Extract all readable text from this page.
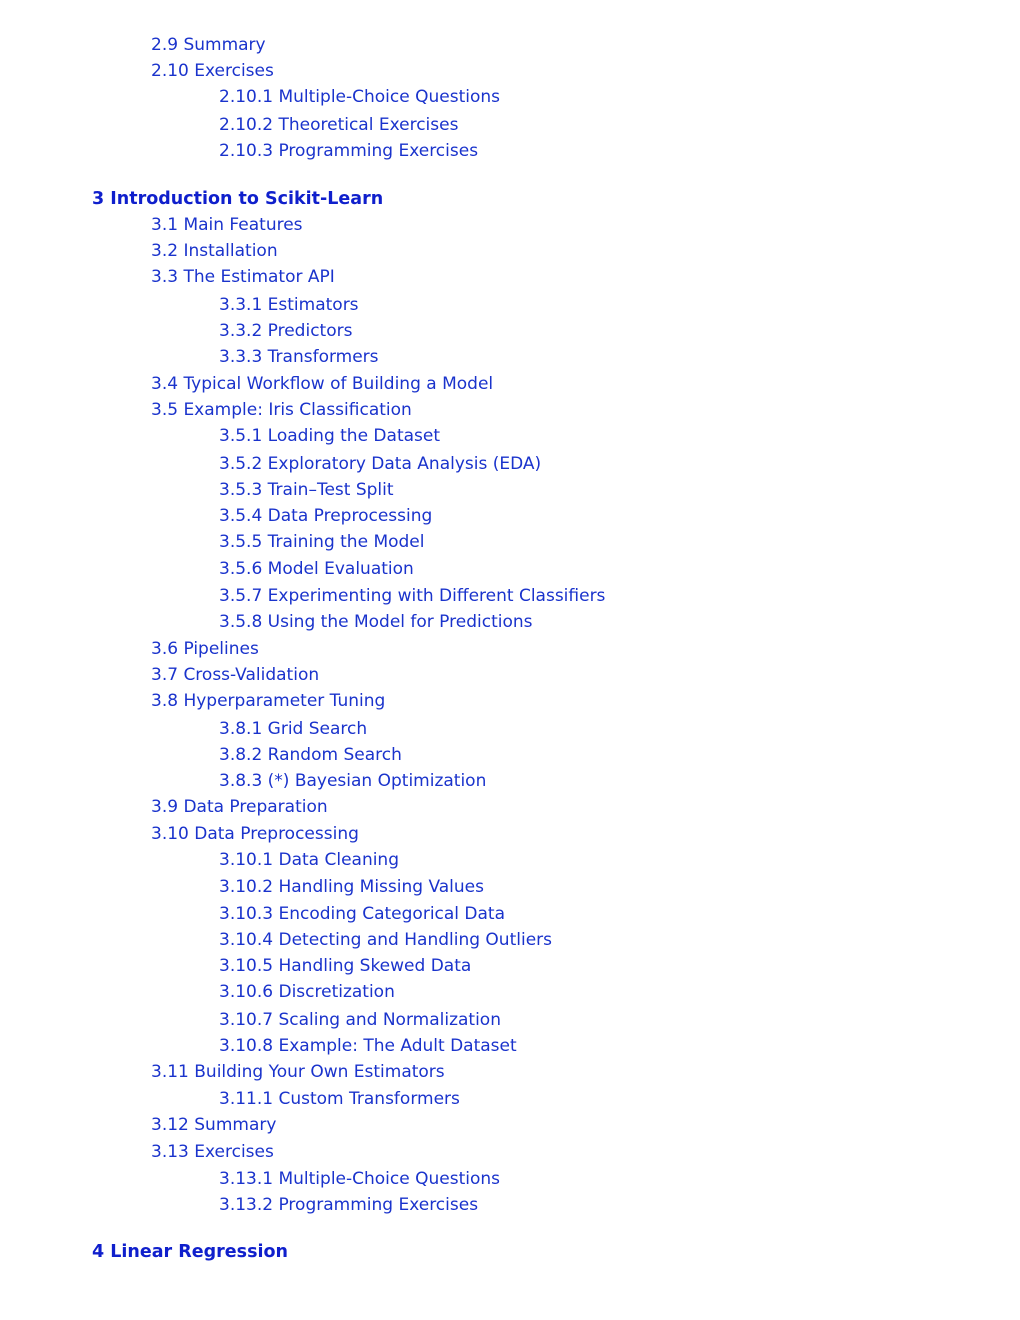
2.9 Summary
2.10 Exercises
2.10.1 Multiple-Choice Questions
2.10.2 Theoretical Exercises
2.10.3 Programming Exercises
3 Introduction to Scikit-Learn
3.1 Main Features
3.2 Installation
3.3 The Estimator API
3.3.1 Estimators
3.3.2 Predictors
3.3.3 Transformers
3.4 Typical Workflow of Building a Model
3.5 Example: Iris Classification
3.5.1 Loading the Dataset
3.5.2 Exploratory Data Analysis (EDA)
3.5.3 Train–Test Split
3.5.4 Data Preprocessing
3.5.5 Training the Model
3.5.6 Model Evaluation
3.5.7 Experimenting with Different Classifiers
3.5.8 Using the Model for Predictions
3.6 Pipelines
3.7 Cross-Validation
3.8 Hyperparameter Tuning
3.8.1 Grid Search
3.8.2 Random Search
3.8.3 (*) Bayesian Optimization
3.9 Data Preparation
3.10 Data Preprocessing
3.10.1 Data Cleaning
3.10.2 Handling Missing Values
3.10.3 Encoding Categorical Data
3.10.4 Detecting and Handling Outliers
3.10.5 Handling Skewed Data
3.10.6 Discretization
3.10.7 Scaling and Normalization
3.10.8 Example: The Adult Dataset
3.11 Building Your Own Estimators
3.11.1 Custom Transformers
3.12 Summary
3.13 Exercises
3.13.1 Multiple-Choice Questions
3.13.2 Programming Exercises
4 Linear Regression
